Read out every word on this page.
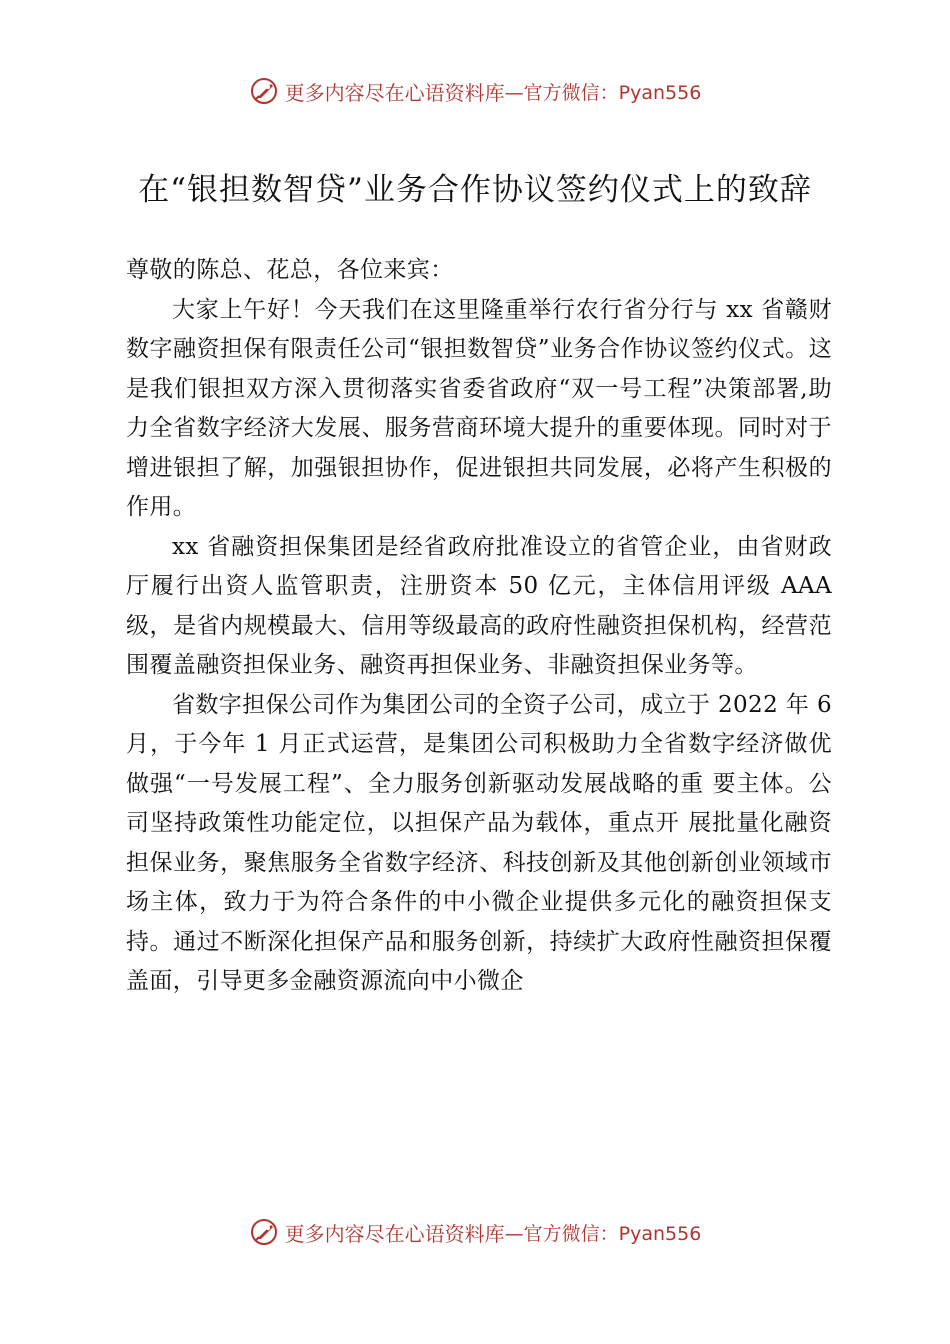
更多内容尽在心语资料库 —官方微信：Pyan556
在“银担数智贷”业务合作协议签约仪式上的致辞

尊敬的陈总、花总，各位来宾：

大家上午好！今天我们在这里隆重举行农行省分行与 xx 省赣财数字融资担保有限责任公司“银担数智贷”业务合作协议签约仪式。这是我们银担双方深入贯彻落实省委省政府“双一号工程”决策部署,助力全省数字经济大发展、服务营商环境大提升的重要体现。同时对于增进银担了解，加强银担协作，促进银担共同发展，必将产生积极的作用。

xx 省融资担保集团是经省政府批准设立的省管企业，由省财政厅履行出资人监管职责，注册资本 50 亿元，主体信用评级 AAA 级，是省内规模最大、信用等级最高的政府性融资担保机构，经营范围覆盖融资担保业务、融资再担保业务、非融资担保业务等。

省数字担保公司作为集团公司的全资子公司，成立于 2022 年 6 月，于今年 1 月正式运营，是集团公司积极助力全省数字经济做优做强“一号发展工程”、全力服务创新驱动发展战略的重 要主体。公司坚持政策性功能定位，以担保产品为载体，重点开 展批量化融资担保业务，聚焦服务全省数字经济、科技创新及其他创新创业领域市场主体，致力于为符合条件的中小微企业提供多元化的融资担保支持。通过不断深化担保产品和服务创新，持续扩大政府性融资担保覆盖面，引导更多金融资源流向中小微企

更多内容尽在心语资料库 —官方微信：Pyan556
